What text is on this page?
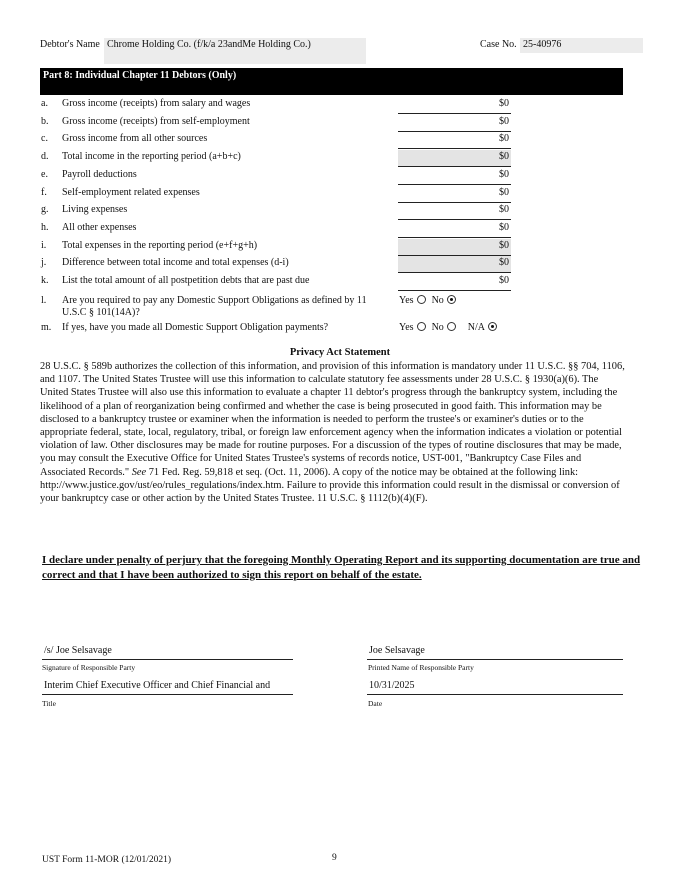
Debtor's Name Chrome Holding Co. (f/k/a 23andMe Holding Co.)	Case No. 25-40976
Part 8: Individual Chapter 11 Debtors (Only)
a. Gross income (receipts) from salary and wages	$0
b. Gross income (receipts) from self-employment	$0
c. Gross income from all other sources	$0
d. Total income in the reporting period (a+b+c)	$0
e. Payroll deductions	$0
f. Self-employment related expenses	$0
g. Living expenses	$0
h. All other expenses	$0
i. Total expenses in the reporting period (e+f+g+h)	$0
j. Difference between total income and total expenses (d-i)	$0
k. List the total amount of all postpetition debts that are past due	$0
l. Are you required to pay any Domestic Support Obligations as defined by 11 U.S.C § 101(14A)?
Yes No
m. If yes, have you made all Domestic Support Obligation payments?	Yes No N/A
Privacy Act Statement
28 U.S.C. § 589b authorizes the collection of this information, and provision of this information is mandatory under 11 U.S.C. §§ 704, 1106, and 1107. The United States Trustee will use this information to calculate statutory fee assessments under 28 U.S.C. § 1930(a)(6). The United States Trustee will also use this information to evaluate a chapter 11 debtor's progress through the bankruptcy system, including the likelihood of a plan of reorganization being confirmed and whether the case is being prosecuted in good faith. This information may be disclosed to a bankruptcy trustee or examiner when the information is needed to perform the trustee's or examiner's duties or to the appropriate federal, state, local, regulatory, tribal, or foreign law enforcement agency when the information indicates a violation or potential violation of law. Other disclosures may be made for routine purposes. For a discussion of the types of routine disclosures that may be made, you may consult the Executive Office for United States Trustee's systems of records notice, UST-001, "Bankruptcy Case Files and Associated Records." See 71 Fed. Reg. 59,818 et seq. (Oct. 11, 2006). A copy of the notice may be obtained at the following link: http://www.justice.gov/ust/eo/rules_regulations/index.htm. Failure to provide this information could result in the dismissal or conversion of your bankruptcy case or other action by the United States Trustee. 11 U.S.C. § 1112(b)(4)(F).
I declare under penalty of perjury that the foregoing Monthly Operating Report and its supporting documentation are true and correct and that I have been authorized to sign this report on behalf of the estate.
/s/ Joe Selsavage
Signature of Responsible Party
Joe Selsavage
Printed Name of Responsible Party
Interim Chief Executive Officer and Chief Financial and
Title
10/31/2025
Date
UST Form 11-MOR (12/01/2021)	9
